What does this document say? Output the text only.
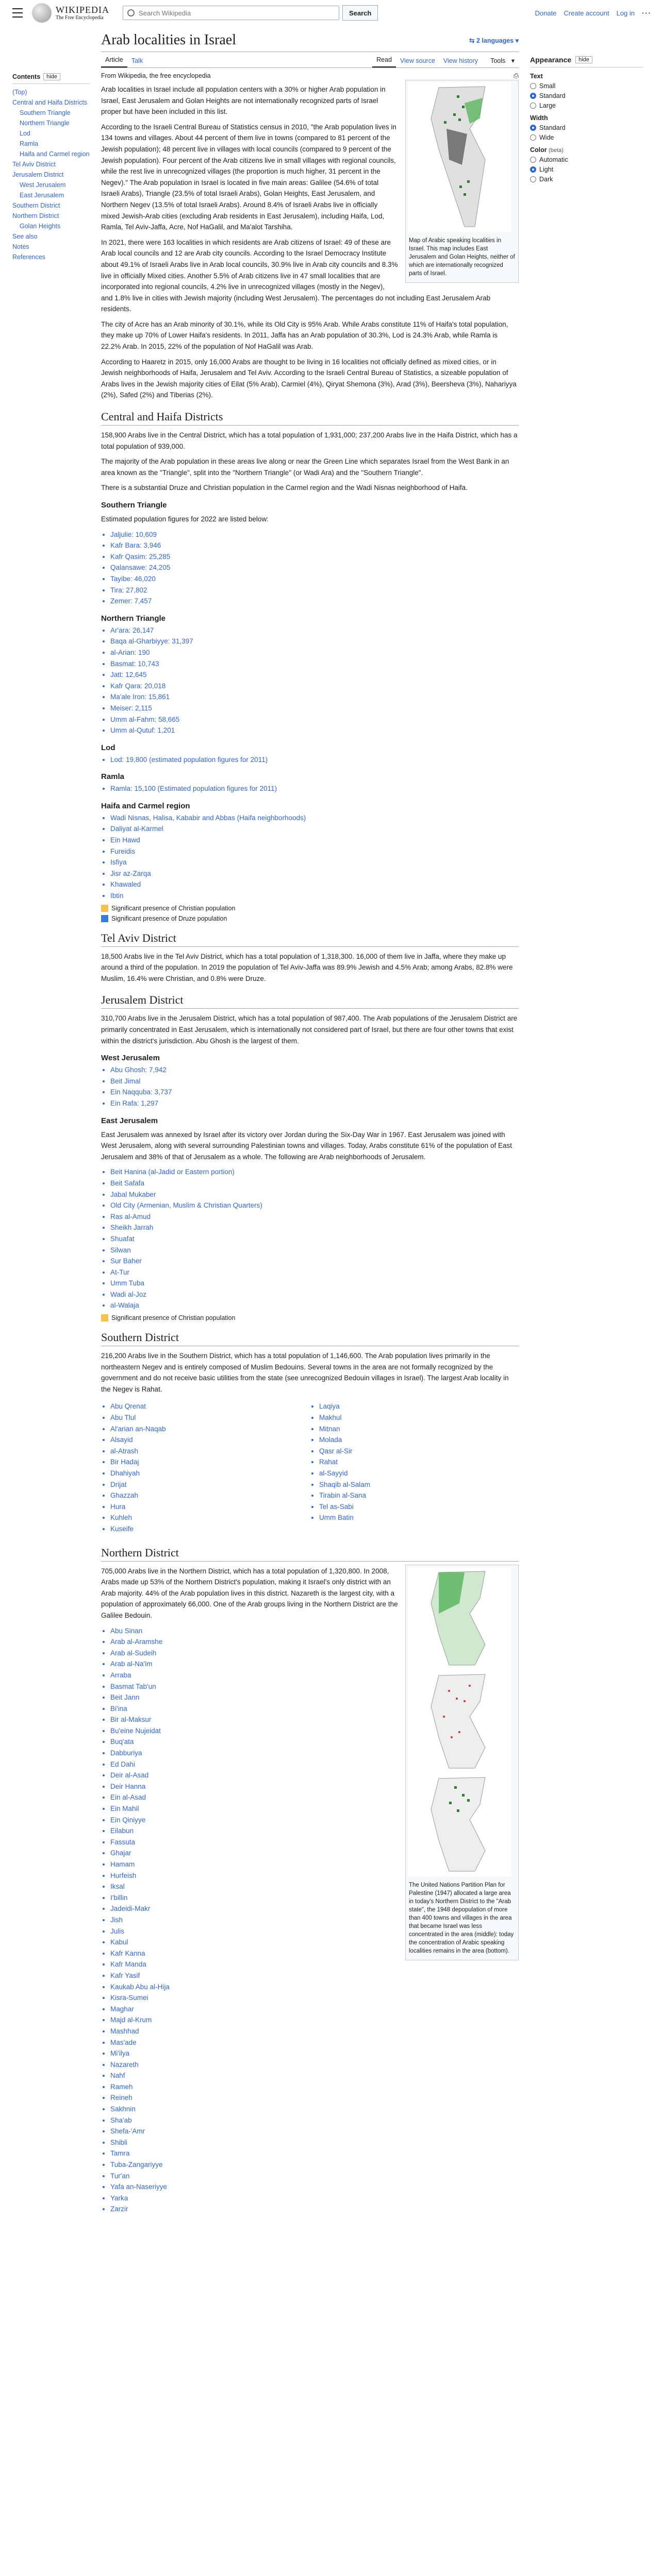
WIKIPEDIA
The Free Encyclopedia
Search Wikipedia	Search	Donate Create account Log in ···
Contents	hide
(Top)
Central and Haifa Districts
Southern Triangle
Northern Triangle
Lod
Ramla
Haifa and Carmel region
Tel Aviv District
Jerusalem District
West Jerusalem
East Jerusalem
Southern District
Northern District
Golan Heights
See also
Notes
References
Arab localities in Israel	⇆ 2 languages ▾
Article	Talk	Read	View source	View history	Tools ▾
From Wikipedia, the free encyclopedia	⎙
Map of Arabic speaking localities in Israel. This map includes East Jerusalem and Golan Heights, neither of which are internationally recognized parts of Israel.

Arab localities in Israel include all population centers with a 30% or higher Arab population in Israel, East Jerusalem and Golan Heights are not internationally recognized parts of Israel proper but have been included in this list.

According to the Israeli Central Bureau of Statistics census in 2010, "the Arab population lives in 134 towns and villages. About 44 percent of them live in towns (compared to 81 percent of the Jewish population); 48 percent live in villages with local councils (compared to 9 percent of the Jewish population). Four percent of the Arab citizens live in small villages with regional councils, while the rest live in unrecognized villages (the proportion is much higher, 31 percent in the Negev)." The Arab population in Israel is located in five main areas: Galilee (54.6% of total Israeli Arabs), Triangle (23.5% of total Israeli Arabs), Golan Heights, East Jerusalem, and Northern Negev (13.5% of total Israeli Arabs). Around 8.4% of Israeli Arabs live in officially mixed Jewish-Arab cities (excluding Arab residents in East Jerusalem), including Haifa, Lod, Ramla, Tel Aviv-Jaffa, Acre, Nof HaGalil, and Ma'alot Tarshiha.

In 2021, there were 163 localities in which residents are Arab citizens of Israel: 49 of these are Arab local councils and 12 are Arab city councils. According to the Israel Democracy Institute about 49.1% of Israeli Arabs live in Arab local councils, 30.9% live in Arab city councils and 8.3% live in officially Mixed cities. Another 5.5% of Arab citizens live in 47 small localities that are incorporated into regional councils, 4.2% live in unrecognized villages (mostly in the Negev), and 1.8% live in cities with Jewish majority (including West Jerusalem). The percentages do not including East Jerusalem Arab residents.

The city of Acre has an Arab minority of 30.1%, while its Old City is 95% Arab. While Arabs constitute 11% of Haifa's total population, they make up 70% of Lower Haifa's residents. In 2011, Jaffa has an Arab population of 30.3%, Lod is 24.3% Arab, while Ramla is 22.2% Arab. In 2015, 22% of the population of Nof HaGalil was Arab.

According to Haaretz in 2015, only 16,000 Arabs are thought to be living in 16 localities not officially defined as mixed cities, or in Jewish neighborhoods of Haifa, Jerusalem and Tel Aviv. According to the Israeli Central Bureau of Statistics, a sizeable population of Arabs lives in the Jewish majority cities of Eilat (5% Arab), Carmiel (4%), Qiryat Shemona (3%), Arad (3%), Beersheva (3%), Nahariyya (2%), Safed (2%) and Tiberias (2%).

Central and Haifa Districts

158,900 Arabs live in the Central District, which has a total population of 1,931,000; 237,200 Arabs live in the Haifa District, which has a total population of 939,000.

The majority of the Arab population in these areas live along or near the Green Line which separates Israel from the West Bank in an area known as the "Triangle", split into the "Northern Triangle" (or Wadi Ara) and the "Southern Triangle".

There is a substantial Druze and Christian population in the Carmel region and the Wadi Nisnas neighborhood of Haifa.

Southern Triangle

Estimated population figures for 2022 are listed below:

• Jaljulie: 10,609
• Kafr Bara: 3,946
• Kafr Qasim: 25,285
• Qalansawe: 24,205
• Tayibe: 46,020
• Tira: 27,802
• Zemer: 7,457
Northern Triangle
• Ar'ara: 26,147
• Baqa al-Gharbiyye: 31,397
• al-Arian: 190
• Basmat: 10,743
• Jatt: 12,645
• Kafr Qara: 20,018
• Ma'ale Iron: 15,861
• Meiser: 2,115
• Umm al-Fahm: 58,665
• Umm al-Qutuf: 1,201
Lod
• Lod: 19,800 (estimated population figures for 2011)
Ramla
• Ramla: 15,100 (Estimated population figures for 2011)
Haifa and Carmel region
• Wadi Nisnas, Halisa, Kababir and Abbas (Haifa neighborhoods)
• Daliyat al-Karmel
• Ein Hawd
• Fureidis
• Isfiya
• Jisr az-Zarqa
• Khawaled
• Ibtin
Significant presence of Christian population
Significant presence of Druze population
Tel Aviv District

18,500 Arabs live in the Tel Aviv District, which has a total population of 1,318,300. 16,000 of them live in Jaffa, where they make up around a third of the population. In 2019 the population of Tel Aviv-Jaffa was 89.9% Jewish and 4.5% Arab; among Arabs, 82.8% were Muslim, 16.4% were Christian, and 0.8% were Druze.

Jerusalem District

310,700 Arabs live in the Jerusalem District, which has a total population of 987,400. The Arab populations of the Jerusalem District are primarily concentrated in East Jerusalem, which is internationally not considered part of Israel, but there are four other towns that exist within the district's jurisdiction. Abu Ghosh is the largest of them.

West Jerusalem
• Abu Ghosh: 7,942
• Beit Jimal
• Ein Naqquba: 3,737
• Ein Rafa: 1,297
East Jerusalem

East Jerusalem was annexed by Israel after its victory over Jordan during the Six-Day War in 1967. East Jerusalem was joined with West Jerusalem, along with several surrounding Palestinian towns and villages. Today, Arabs constitute 61% of the population of East Jerusalem and 38% of that of Jerusalem as a whole. The following are Arab neighborhoods of Jerusalem.

• Beit Hanina (al-Jadid or Eastern portion)
• Beit Safafa
• Jabal Mukaber
• Old City (Armenian, Muslim & Christian Quarters)
• Ras al-Amud
• Sheikh Jarrah
• Shuafat
• Silwan
• Sur Baher
• At-Tur
• Umm Tuba
• Wadi al-Joz
• al-Walaja
Significant presence of Christian population
Southern District

216,200 Arabs live in the Southern District, which has a total population of 1,146,600. The Arab population lives primarily in the northeastern Negev and is entirely composed of Muslim Bedouins. Several towns in the area are not formally recognized by the government and do not receive basic utilities from the state (see unrecognized Bedouin villages in Israel). The largest Arab locality in the Negev is Rahat.

• Abu Qrenat
• Abu Tlul
• Al'arian an-Naqab
• Alsayid
• al-Atrash
• Bir Hadaj
• Dhahiyah
• Drijat
• Ghazzah
• Hura
• Kuhleh
• Kuseife
• Laqiya
• Makhul
• Mitnan
• Molada
• Qasr al-Sir
• Rahat
• al-Sayyid
• Shaqib al-Salam
• Tirabin al-Sana
• Tel as-Sabi
• Umm Batin
Northern District
The United Nations Partition Plan for Palestine (1947) allocated a large area in today's Northern District to the "Arab state", the 1948 depopulation of more than 400 towns and villages in the area that became Israel was less concentrated in the area (middle): today the concentration of Arabic speaking localities remains in the area (bottom).

705,000 Arabs live in the Northern District, which has a total population of 1,320,800. In 2008, Arabs made up 53% of the Northern District's population, making it Israel's only district with an Arab majority. 44% of the Arab population lives in this district. Nazareth is the largest city, with a population of approximately 66,000. One of the Arab groups living in the Northern District are the Galilee Bedouin.

• Abu Sinan
• Arab al-Aramshe
• Arab al-Sudeih
• Arab al-Na'im
• Arraba
• Basmat Tab'un
• Beit Jann
• Bi'ina
• Bir al-Maksur
• Bu'eine Nujeidat
• Buq'ata
• Dabburiya
• Ed Dahi
• Deir al-Asad
• Deir Hanna
• Ein al-Asad
• Ein Mahil
• Ein Qiniyye
• Eilabun
• Fassuta
• Ghajar
• Hamam
• Hurfeish
• Iksal
• I'billin
• Jadeidi-Makr
• Jish
• Julis
• Kabul
• Kafr Kanna
• Kafr Manda
• Kafr Yasif
• Kaukab Abu al-Hija
• Kisra-Sumei
• Maghar
• Majd al-Krum
• Mashhad
• Mas'ade
• Mi'ilya
• Nazareth
• Nahf
• Rameh
• Reineh
• Sakhnin
• Sha'ab
• Shefa-'Amr
• Shibli
• Tamra
• Tuba-Zangariyye
• Tur'an
• Yafa an-Naseriyye
• Yarka
• Zarzir
Appearance	hide
Text
Small
Standard
Large
Width
Standard
Wide
Color (beta)
Automatic
Light
Dark
